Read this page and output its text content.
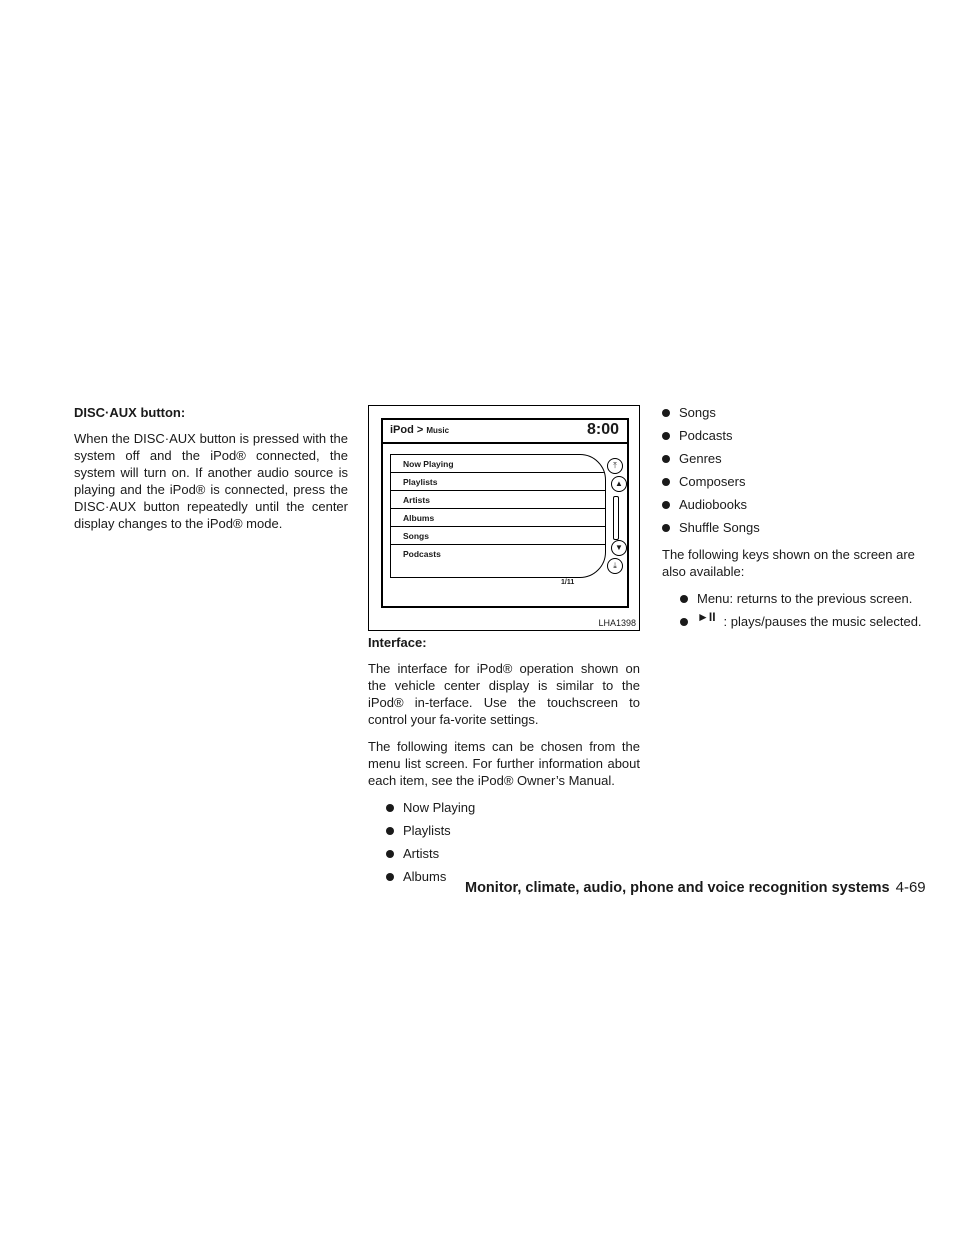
DISC·AUX button:
When the DISC·AUX button is pressed with the system off and the iPod® connected, the system will turn on. If another audio source is playing and the iPod® is connected, press the DISC·AUX button repeatedly until the center display changes to the iPod® mode.
iPod > Music	8:00
Now Playing
Playlists
Artists
Albums
Songs
Podcasts
⤒
▲
▼
⤓
1/11
LHA1398
Interface:
The interface for iPod® operation shown on the vehicle center display is similar to the iPod® in-terface. Use the touchscreen to control your fa-vorite settings.
The following items can be chosen from the menu list screen. For further information about each item, see the iPod® Owner’s Manual.
Now Playing
Playlists
Artists
Albums
Songs
Podcasts
Genres
Composers
Audiobooks
Shuffle Songs
The following keys shown on the screen are also available:
Menu: returns to the previous screen.
►II : plays/pauses the music selected.
Monitor, climate, audio, phone and voice recognition systems 4-69
